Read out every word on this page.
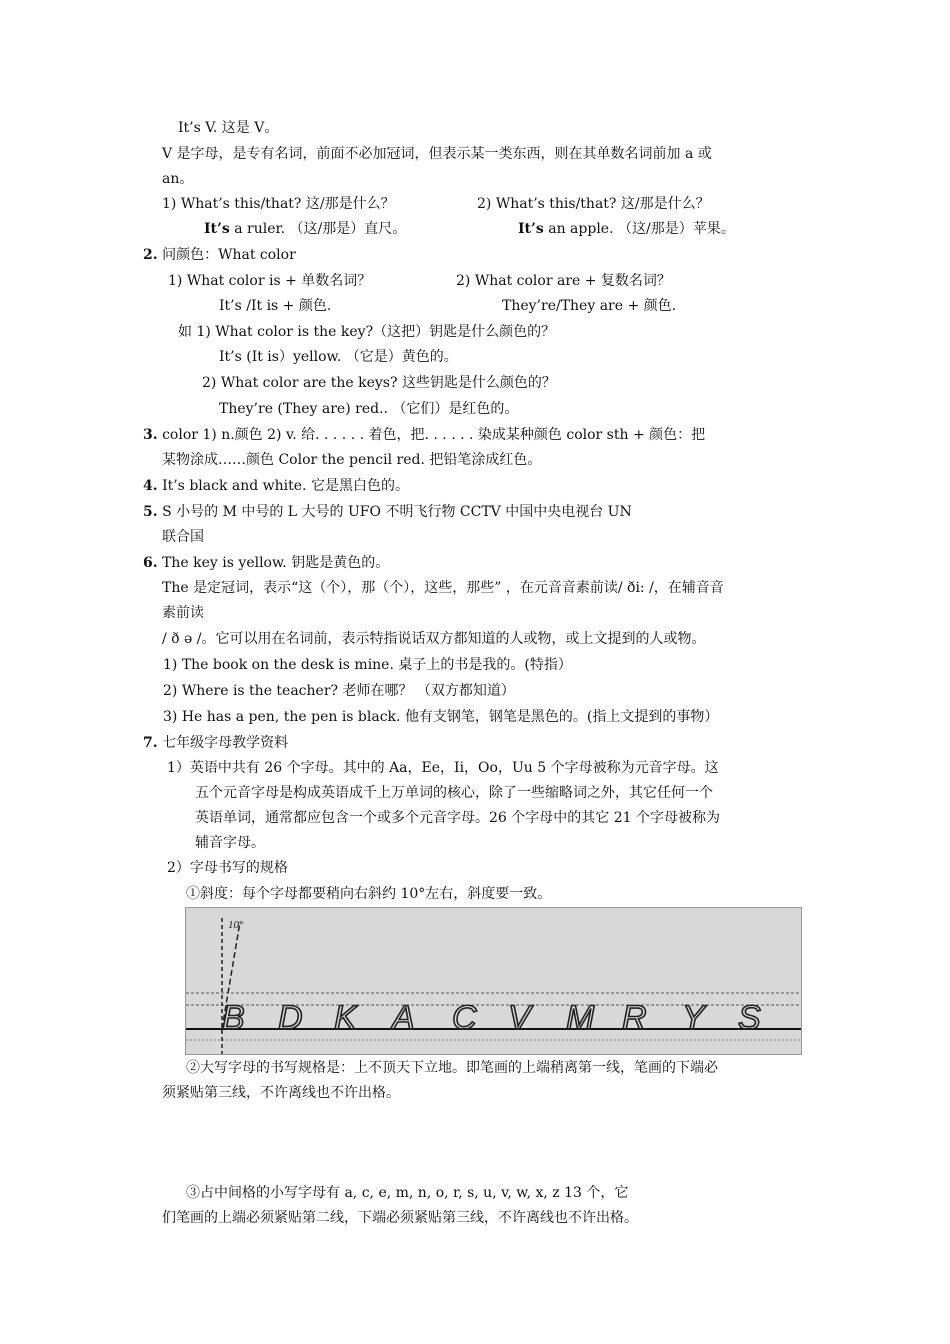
It’s V. 这是 V。
V 是字母，是专有名词，前面不必加冠词，但表示某一类东西，则在其单数名词前加 a 或
an。
1) What’s this/that? 这/那是什么？	2) What’s this/that? 这/那是什么？
It’s a ruler. （这/那是）直尺。	It’s an apple. （这/那是）苹果。
2. 问颜色：What color
1) What color is + 单数名词？	2) What color are + 复数名词？
It’s /It is + 颜色.	They’re/They are + 颜色.
如 1) What color is the key?（这把）钥匙是什么颜色的？
It’s (It is）yellow. （它是）黄色的。
2) What color are the keys? 这些钥匙是什么颜色的？
They’re (They are) red.. （它们）是红色的。
3. color 1) n.颜色 2) v. 给. . . . . . 着色，把. . . . . . 染成某种颜色 color sth + 颜色：把
某物涂成……颜色 Color the pencil red. 把铅笔涂成红色。
4. It’s black and white. 它是黑白色的。
5. S 小号的 M 中号的 L 大号的 UFO 不明飞行物 CCTV 中国中央电视台 UN
联合国
6. The key is yellow. 钥匙是黄色的。
The 是定冠词，表示“这（个），那（个），这些，那些” ，在元音音素前读/ ði: /，在辅音音
素前读
/ ð ə /。它可以用在名词前，表示特指说话双方都知道的人或物，或上文提到的人或物。
1) The book on the desk is mine. 桌子上的书是我的。(特指）
2) Where is the teacher? 老师在哪？ （双方都知道）
3) He has a pen, the pen is black. 他有支钢笔，钢笔是黑色的。(指上文提到的事物）
7. 七年级字母教学资料
1）英语中共有 26 个字母。其中的 Aa，Ee，Ii，Oo，Uu 5 个字母被称为元音字母。这
五个元音字母是构成英语成千上万单词的核心，除了一些缩略词之外，其它任何一个
英语单词，通常都应包含一个或多个元音字母。26 个字母中的其它 21 个字母被称为
辅音字母。
2）字母书写的规格
①斜度：每个字母都要稍向右斜约 10°左右，斜度要一致。
10°
B D K A C V M R Y S
②大写字母的书写规格是：上不顶天下立地。即笔画的上端稍离第一线，笔画的下端必
须紧贴第三线，不许离线也不许出格。
③占中间格的小写字母有 a, c, e, m, n, o, r, s, u, v, w, x, z 13 个，它
们笔画的上端必须紧贴第二线，下端必须紧贴第三线，不许离线也不许出格。
